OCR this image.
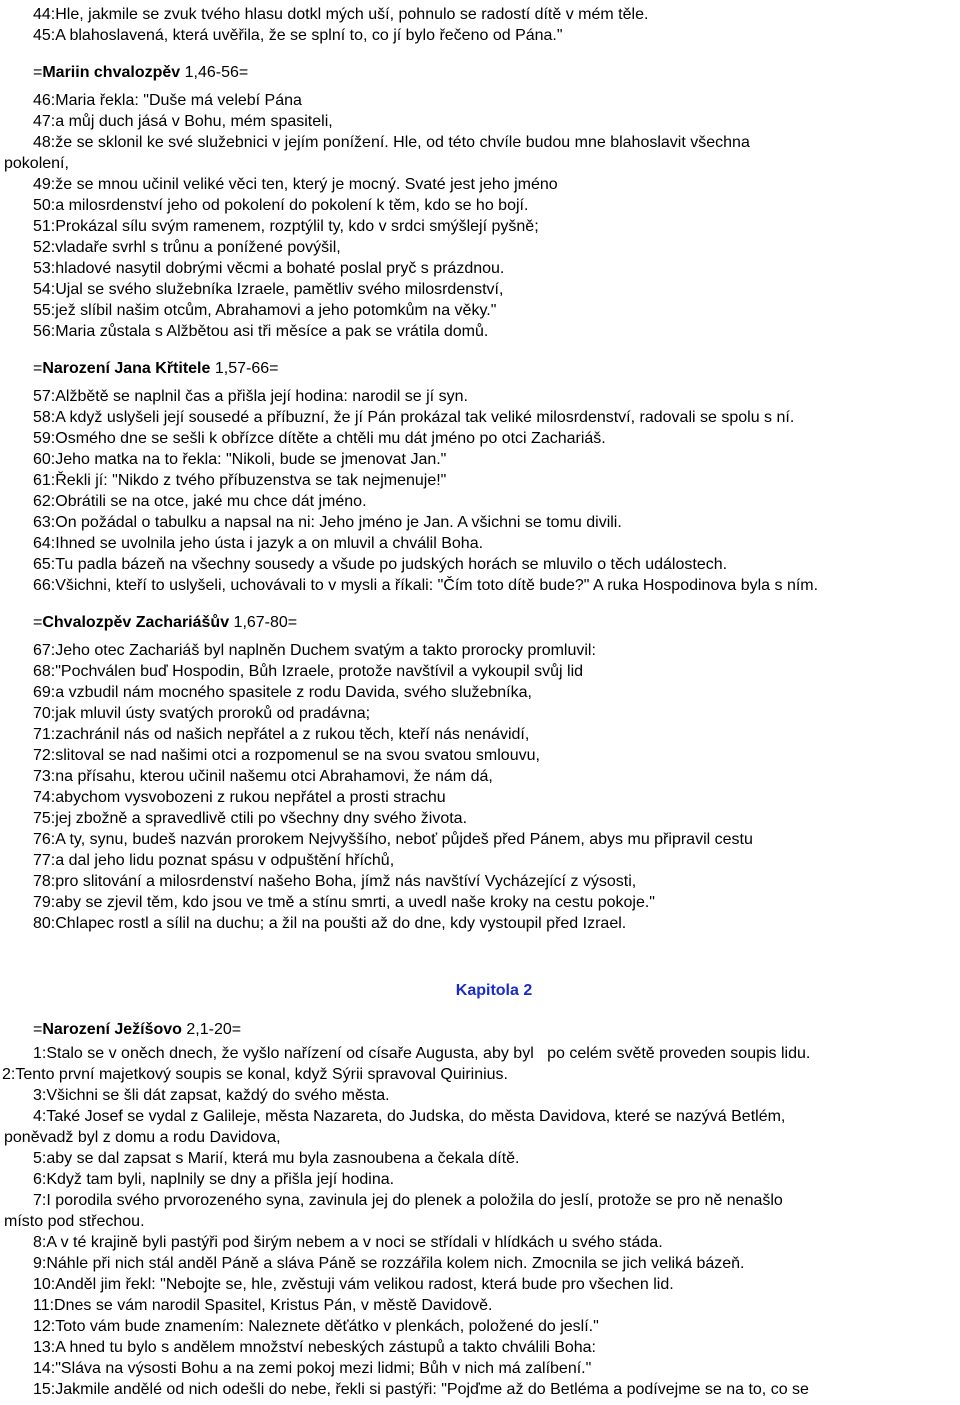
44:Hle, jakmile se zvuk tvého hlasu dotkl mých uší, pohnulo se radostí dítě v mém těle.
45:A blahoslavená, která uvěřila, že se splní to, co jí bylo řečeno od Pána."
46:Maria řekla: "Duše má velebí Pána
47:a můj duch jásá v Bohu, mém spasiteli,
48:že se sklonil ke své služebnici v jejím ponížení. Hle, od této chvíle budou mne blahoslavit všechna
pokolení,
49:že se mnou učinil veliké věci ten, který je mocný. Svaté jest jeho jméno
50:a milosrdenství jeho od pokolení do pokolení k těm, kdo se ho bojí.
51:Prokázal sílu svým ramenem, rozptýlil ty, kdo v srdci smýšlejí pyšně;
52:vladaře svrhl s trůnu a ponížené povýšil,
53:hladové nasytil dobrými věcmi a bohaté poslal pryč s prázdnou.
54:Ujal se svého služebníka Izraele, pamětliv svého milosrdenství,
55:jež slíbil našim otcům, Abrahamovi a jeho potomkům na věky."
56:Maria zůstala s Alžbětou asi tři měsíce a pak se vrátila domů.
57:Alžbětě se naplnil čas a přišla její hodina: narodil se jí syn.
58:A když uslyšeli její sousedé a příbuzní, že jí Pán prokázal tak veliké milosrdenství, radovali se spolu s ní.
59:Osmého dne se sešli k obřízce dítěte a chtěli mu dát jméno po otci Zachariáš.
60:Jeho matka na to řekla: "Nikoli, bude se jmenovat Jan."
61:Řekli jí: "Nikdo z tvého příbuzenstva se tak nejmenuje!"
62:Obrátili se na otce, jaké mu chce dát jméno.
63:On požádal o tabulku a napsal na ni: Jeho jméno je Jan. A všichni se tomu divili.
64:Ihned se uvolnila jeho ústa i jazyk a on mluvil a chválil Boha.
65:Tu padla bázeň na všechny sousedy a všude po judských horách se mluvilo o těch událostech.
66:Všichni, kteří to uslyšeli, uchovávali to v mysli a říkali: "Čím toto dítě bude?" A ruka Hospodinova byla s ním.
67:Jeho otec Zachariáš byl naplněn Duchem svatým a takto prorocky promluvil:
68:"Pochválen buď Hospodin, Bůh Izraele, protože navštívil a vykoupil svůj lid
69:a vzbudil nám mocného spasitele z rodu Davida, svého služebníka,
70:jak mluvil ústy svatých proroků od pradávna;
71:zachránil nás od našich nepřátel a z rukou těch, kteří nás nenávidí,
72:slitoval se nad našimi otci a rozpomenul se na svou svatou smlouvu,
73:na přísahu, kterou učinil našemu otci Abrahamovi, že nám dá,
74:abychom vysvobozeni z rukou nepřátel a prosti strachu
75:jej zbožně a spravedlivě ctili po všechny dny svého života.
76:A ty, synu, budeš nazván prorokem Nejvyššího, neboť půjdeš před Pánem, abys mu připravil cestu
77:a dal jeho lidu poznat spásu v odpuštění hříchů,
78:pro slitování a milosrdenství našeho Boha, jímž nás navštíví Vycházející z výsosti,
79:aby se zjevil těm, kdo jsou ve tmě a stínu smrti, a uvedl naše kroky na cestu pokoje."
80:Chlapec rostl a sílil na duchu; a žil na poušti až do dne, kdy vystoupil před Izrael.
1:Stalo se v oněch dnech, že vyšlo nařízení od císaře Augusta, aby byl   po celém světě proveden soupis lidu.
2:Tento první majetkový soupis se konal, když Sýrii spravoval Quirinius.
3:Všichni se šli dát zapsat, každý do svého města.
4:Také Josef se vydal z Galileje, města Nazareta, do Judska, do města Davidova, které se nazývá Betlém,
poněvadž byl z domu a rodu Davidova,
5:aby se dal zapsat s Marií, která mu byla zasnoubena a čekala dítě.
6:Když tam byli, naplnily se dny a přišla její hodina.
7:I porodila svého prvorozeného syna, zavinula jej do plenek a položila do jeslí, protože se pro ně nenašlo
místo pod střechou.
8:A v té krajině byli pastýři pod širým nebem a v noci se střídali v hlídkách u svého stáda.
9:Náhle při nich stál anděl Páně a sláva Páně se rozzářila kolem nich. Zmocnila se jich veliká bázeň.
10:Anděl jim řekl: "Nebojte se, hle, zvěstuji vám velikou radost, která bude pro všechen lid.
11:Dnes se vám narodil Spasitel, Kristus Pán, v městě Davidově.
12:Toto vám bude znamením: Naleznete děťátko v plenkách, položené do jeslí."
13:A hned tu bylo s andělem množství nebeských zástupů a takto chválili Boha:
14:"Sláva na výsosti Bohu a na zemi pokoj mezi lidmi; Bůh v nich má zalíbení."
15:Jakmile andělé od nich odešli do nebe, řekli si pastýři: "Pojďme až do Betléma a podívejme se na to, co se
=Mariin chvalozpěv 1,46-56=
=Narození Jana Křtitele 1,57-66=
=Chvalozpěv Zachariášův 1,67-80=
=Narození Ježíšovo 2,1-20=
Kapitola 2
